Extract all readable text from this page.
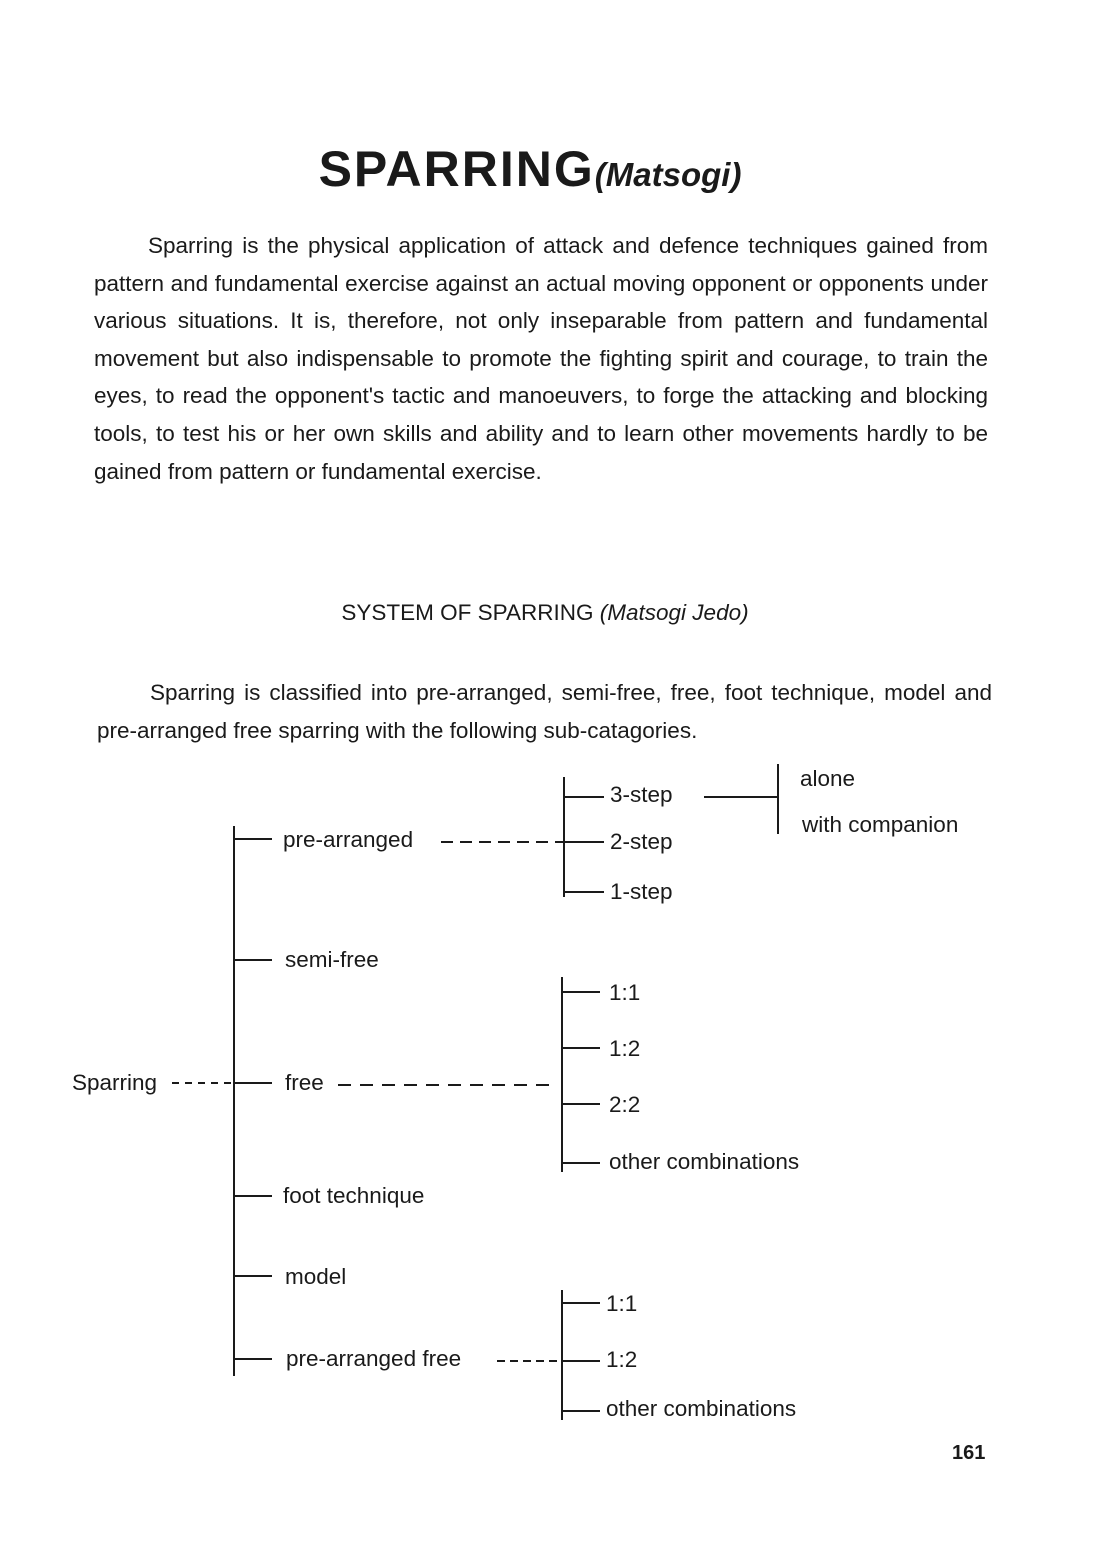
SPARRING(Matsogi)
Sparring is the physical application of attack and defence techniques gained from pattern and fundamental exercise against an actual moving opponent or opponents under various situations. It is, therefore, not only inseparable from pattern and fundamental movement but also indispensable to promote the fighting spirit and courage, to train the eyes, to read the opponent's tactic and manoeuvers, to forge the attacking and blocking tools, to test his or her own skills and ability and to learn other movements hardly to be gained from pattern or fundamental exercise.
SYSTEM OF SPARRING (Matsogi Jedo)
Sparring is classified into pre-arranged, semi-free, free, foot technique, model and pre-arranged free sparring with the following sub-catagories.
Sparring
pre-arranged
semi-free
free
foot technique
model
pre-arranged free
3-step
2-step
1-step
alone
with companion
1:1
1:2
2:2
other combinations
1:1
1:2
other combinations
161
